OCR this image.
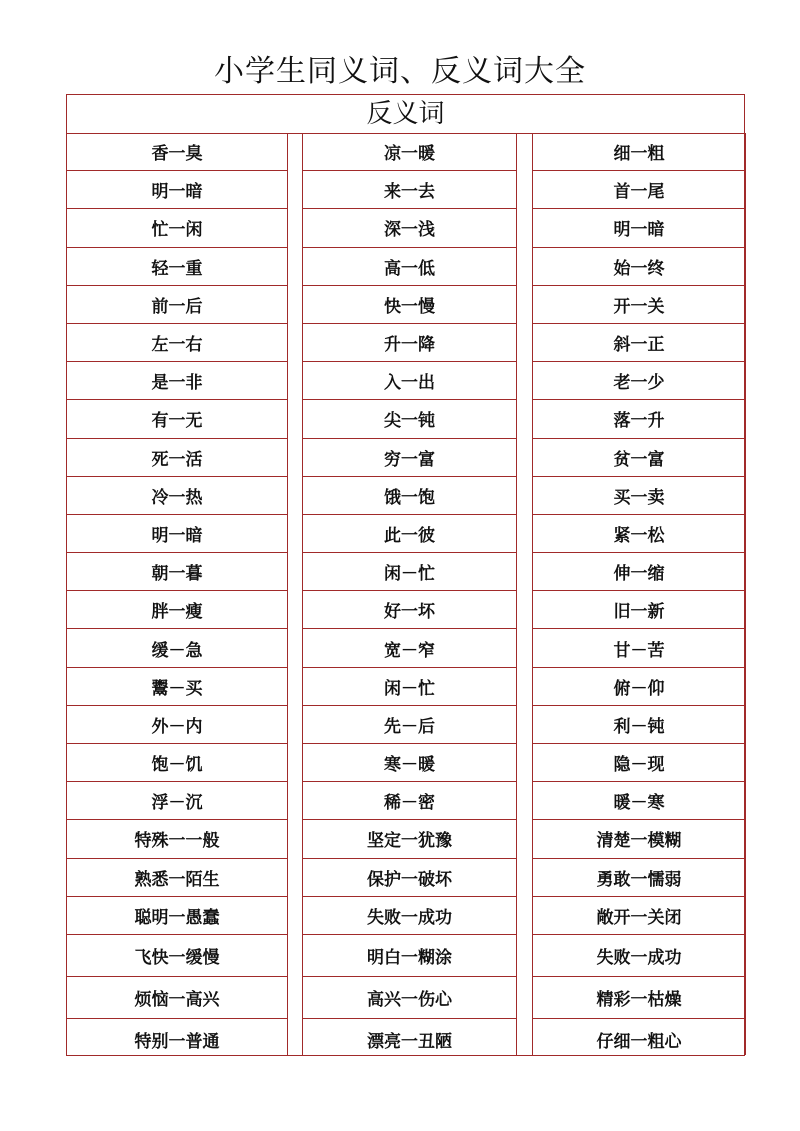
小学生同义词、反义词大全
反义词
香一臭
明一暗
忙一闲
轻一重
前一后
左一右
是一非
有一无
死一活
冷一热
明一暗
朝一暮
胖一瘦
缓－急
鬻－买
外－内
饱－饥
浮－沉
特殊一一般
熟悉一陌生
聪明一愚蠢
飞快一缓慢
烦恼一高兴
特别一普通
凉一暖
来一去
深一浅
高一低
快一慢
升一降
入一出
尖一钝
穷一富
饿一饱
此一彼
闲－忙
好一坏
宽－窄
闲－忙
先－后
寒－暖
稀－密
坚定一犹豫
保护一破坏
失败一成功
明白一糊涂
高兴一伤心
漂亮一丑陋
细一粗
首一尾
明一暗
始一终
开一关
斜一正
老一少
落一升
贫一富
买一卖
紧一松
伸一缩
旧一新
甘－苦
俯－仰
利－钝
隐－现
暖－寒
清楚一模糊
勇敢一懦弱
敞开一关闭
失败一成功
精彩一枯燥
仔细一粗心
